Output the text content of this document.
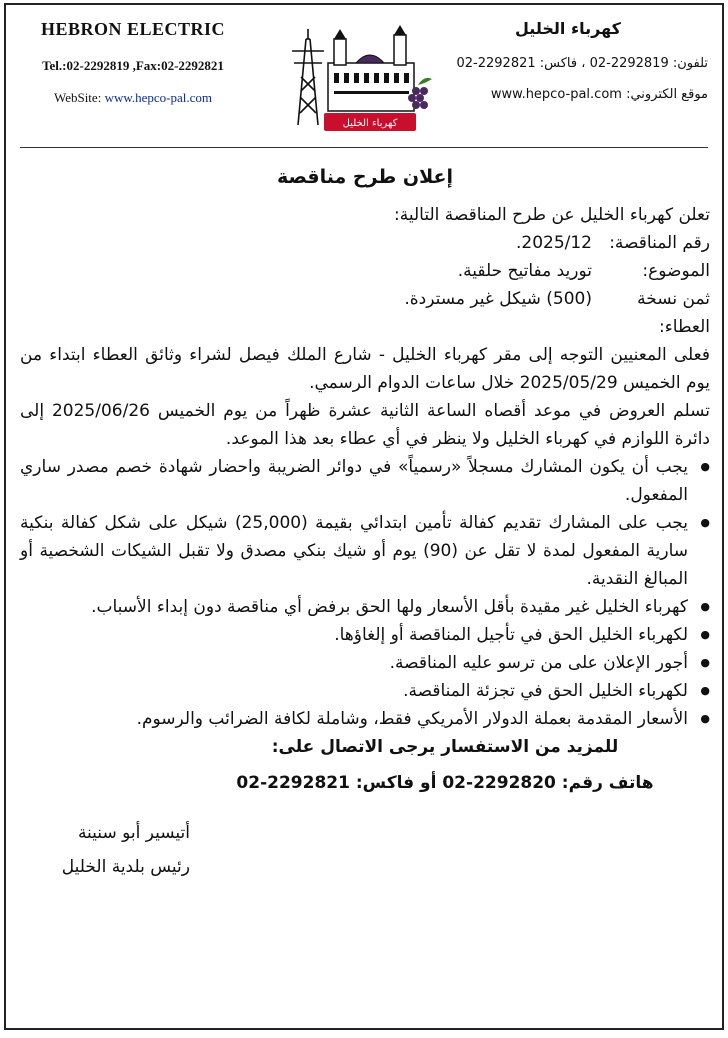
HEBRON ELECTRIC
Tel.:02-2292819 ,Fax:02-2292821
WebSite: www.hepco-pal.com
كهرباء الخليل
كهرباء الخليل
تلفون: 2292819-02 ، فاكس: 2292821-02
موقع الكتروني: www.hepco-pal.com

إعلان طرح مناقصة

تعلن كهرباء الخليل عن طرح المناقصة التالية:

رقم المناقصة:
2025/12.
الموضوع:
توريد مفاتيح حلقية.
ثمن نسخة العطاء:
(500) شيكل غير مستردة.

فعلى المعنيين التوجه إلى مقر كهرباء الخليل - شارع الملك فيصل لشراء وثائق العطاء ابتداء من يوم الخميس 2025/05/29 خلال ساعات الدوام الرسمي.

تسلم العروض في موعد أقصاه الساعة الثانية عشرة ظهراً من يوم الخميس 2025/06/26 إلى دائرة اللوازم في كهرباء الخليل ولا ينظر في أي عطاء بعد هذا الموعد.

● يجب أن يكون المشارك مسجلاً «رسمياً» في دوائر الضريبة واحضار شهادة خصم مصدر ساري المفعول.
● يجب على المشارك تقديم كفالة تأمين ابتدائي بقيمة (25,000) شيكل على شكل كفالة بنكية سارية المفعول لمدة لا تقل عن (90) يوم أو شيك بنكي مصدق ولا تقبل الشيكات الشخصية أو المبالغ النقدية.
● كهرباء الخليل غير مقيدة بأقل الأسعار ولها الحق برفض أي مناقصة دون إبداء الأسباب.
● لكهرباء الخليل الحق في تأجيل المناقصة أو إلغاؤها.
● أجور الإعلان على من ترسو عليه المناقصة.
● لكهرباء الخليل الحق في تجزئة المناقصة.
● الأسعار المقدمة بعملة الدولار الأمريكي فقط، وشاملة لكافة الضرائب والرسوم.

للمزيد من الاستفسار يرجى الاتصال على:

هاتف رقم: 2292820-02 أو فاكس: 2292821-02

أتيسير أبو سنينة

رئيس بلدية الخليل
